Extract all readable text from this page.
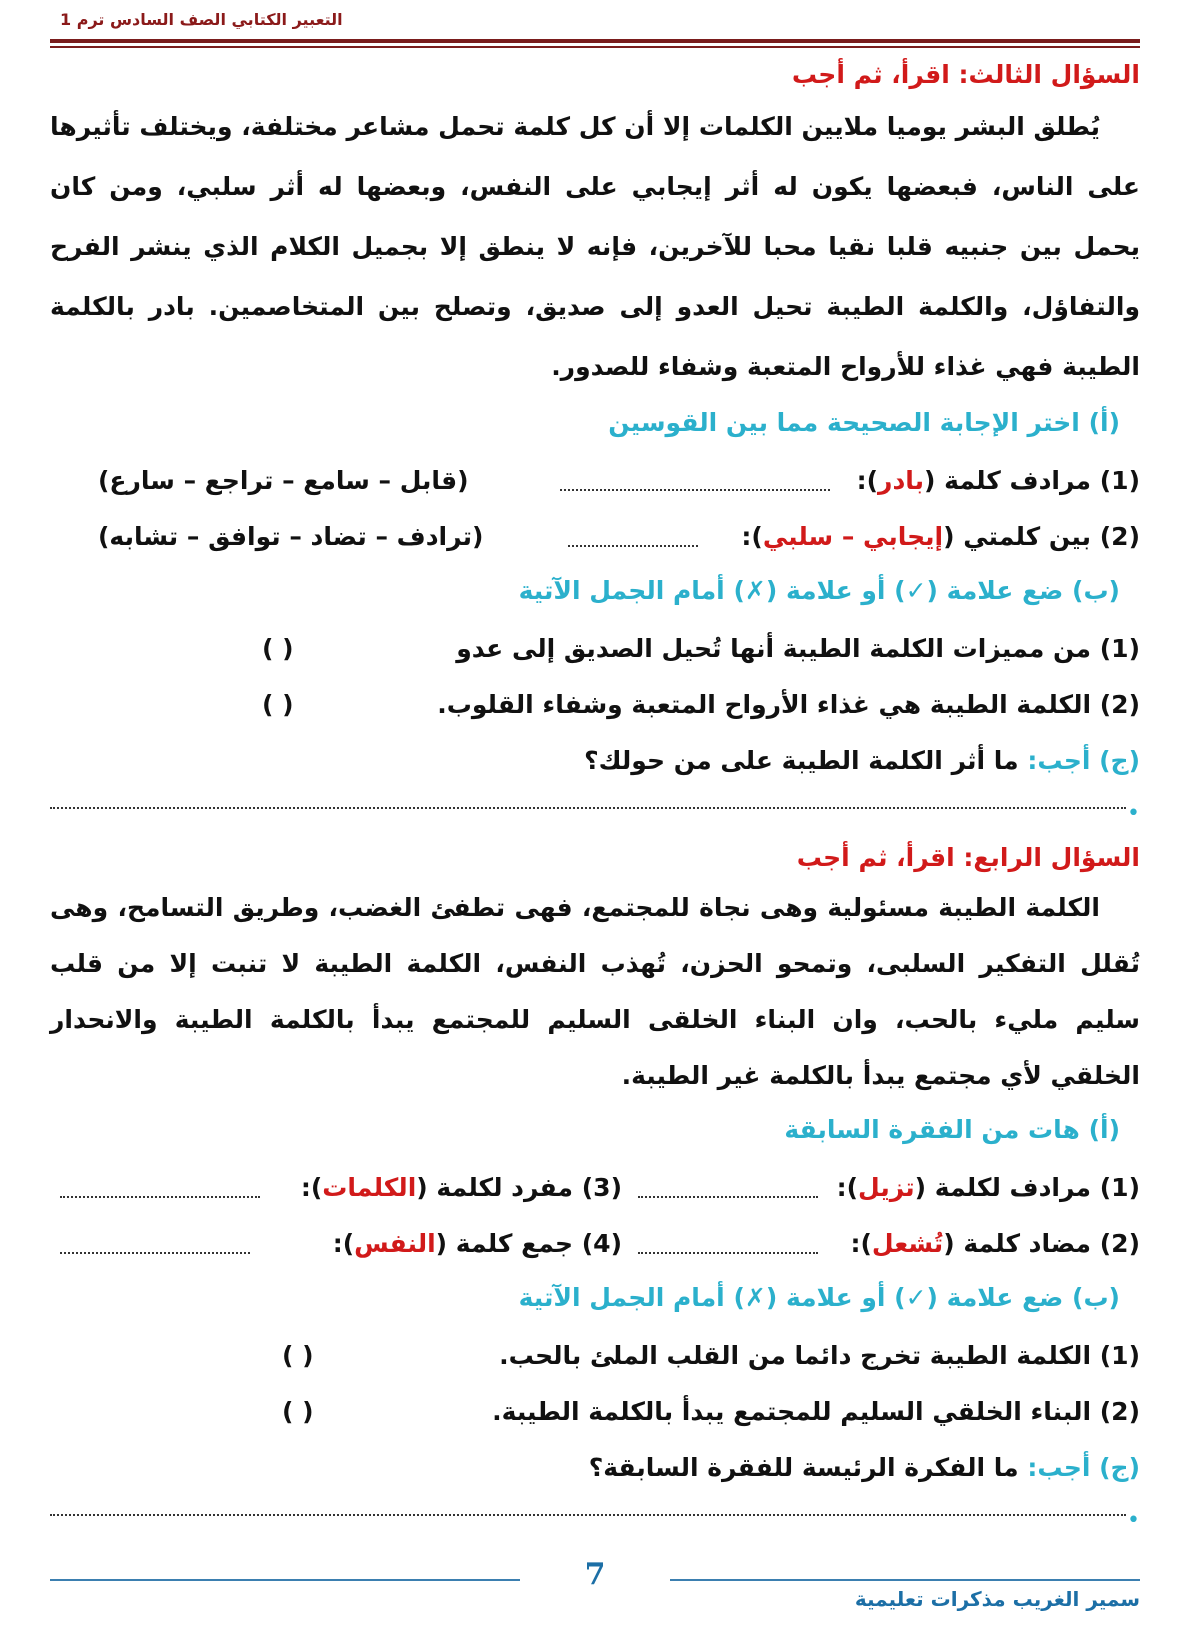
التعبير الكتابي الصف السادس ترم 1
السؤال الثالث: اقرأ، ثم أجب

يُطلق البشر يوميا ملايين الكلمات إلا أن كل كلمة تحمل مشاعر مختلفة، ويختلف تأثيرها على الناس، فبعضها يكون له أثر إيجابي على النفس، وبعضها له أثر سلبي، ومن كان يحمل بين جنبيه قلبا نقيا محبا للآخرين، فإنه لا ينطق إلا بجميل الكلام الذي ينشر الفرح والتفاؤل، والكلمة الطيبة تحيل العدو إلى صديق، وتصلح بين المتخاصمين. بادر بالكلمة الطيبة فهي غذاء للأرواح المتعبة وشفاء للصدور.

(أ) اختر الإجابة الصحيحة مما بين القوسين
(1) مرادف كلمة (بادر):
(قابل – سامع – تراجع – سارع)
(2) بين كلمتي (إيجابي – سلبي):
(ترادف – تضاد – توافق – تشابه)
(ب) ضع علامة (✓) أو علامة (✗) أمام الجمل الآتية
(1) من مميزات الكلمة الطيبة أنها تُحيل الصديق إلى عدو
( )
(2) الكلمة الطيبة هي غذاء الأرواح المتعبة وشفاء القلوب.
( )
(ج) أجب: ما أثر الكلمة الطيبة على من حولك؟
•
السؤال الرابع: اقرأ، ثم أجب

الكلمة الطيبة مسئولية وهى نجاة للمجتمع، فهى تطفئ الغضب، وطريق التسامح، وهى تُقلل التفكير السلبى، وتمحو الحزن، تُهذب النفس، الكلمة الطيبة لا تنبت إلا من قلب سليم مليء بالحب، وان البناء الخلقى السليم للمجتمع يبدأ بالكلمة الطيبة والانحدار الخلقي لأي مجتمع يبدأ بالكلمة غير الطيبة.

(أ) هات من الفقرة السابقة
(1) مرادف لكلمة (تزيل):
(3) مفرد لكلمة (الكلمات):
(2) مضاد كلمة (تُشعل):
(4) جمع كلمة (النفس):
(ب) ضع علامة (✓) أو علامة (✗) أمام الجمل الآتية
(1) الكلمة الطيبة تخرج دائما من القلب الملئ بالحب.
( )
(2) البناء الخلقي السليم للمجتمع يبدأ بالكلمة الطيبة.
( )
(ج) أجب: ما الفكرة الرئيسة للفقرة السابقة؟
•
7
سمير الغريب مذكرات تعليمية
